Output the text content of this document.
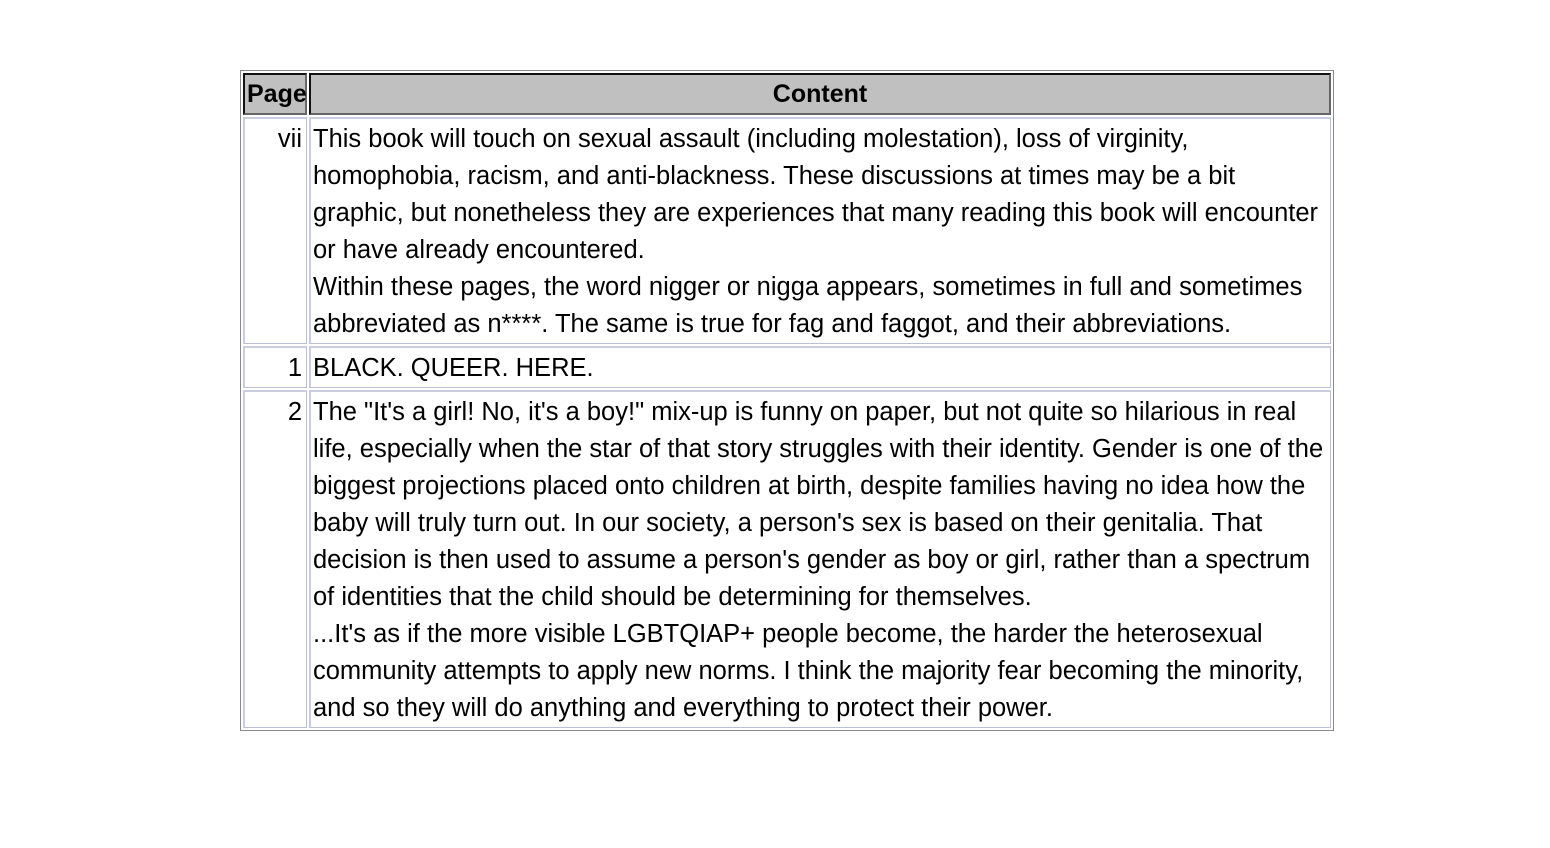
Page	Content
vii	This book will touch on sexual assault (including molestation), loss of virginity, homophobia, racism, and anti-blackness. These discussions at times may be a bit graphic, but nonetheless they are experiences that many reading this book will encounter or have already encountered.
Within these pages, the word nigger or nigga appears, sometimes in full and sometimes abbreviated as n****. The same is true for fag and faggot, and their abbreviations.

1	BLACK. QUEER. HERE.

2	The "It's a girl! No, it's a boy!" mix-up is funny on paper, but not quite so hilarious in real life, especially when the star of that story struggles with their identity. Gender is one of the biggest projections placed onto children at birth, despite families having no idea how the baby will truly turn out. In our society, a person's sex is based on their genitalia. That decision is then used to assume a person's gender as boy or girl, rather than a spectrum of identities that the child should be determining for themselves.
...It's as if the more visible LGBTQIAP+ people become, the harder the heterosexual community attempts to apply new norms. I think the majority fear becoming the minority, and so they will do anything and everything to protect their power.
